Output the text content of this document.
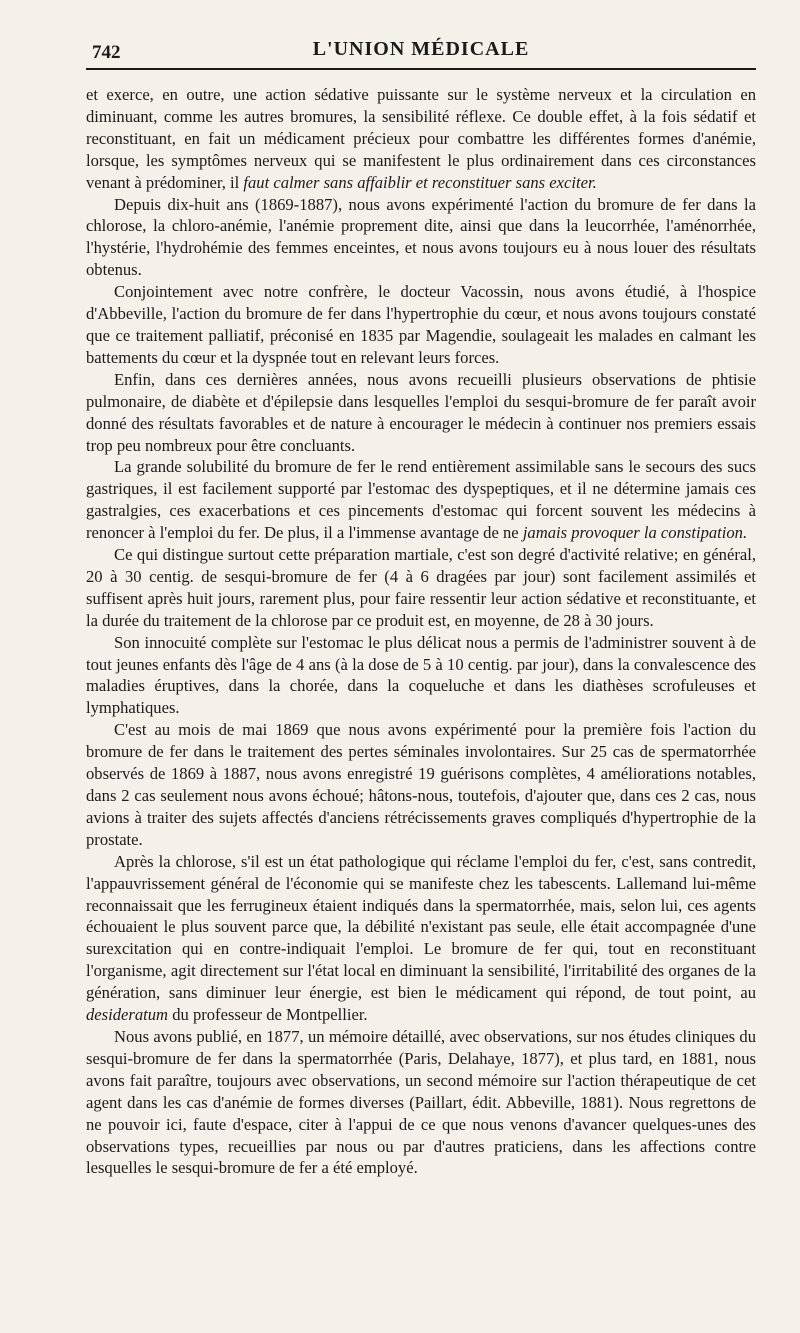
742	L'UNION MÉDICALE

et exerce, en outre, une action sédative puissante sur le système nerveux et la circulation en diminuant, comme les autres bromures, la sensibilité réflexe. Ce double effet, à la fois sédatif et reconstituant, en fait un médicament précieux pour combattre les différentes formes d'anémie, lorsque, les symptômes nerveux qui se manifestent le plus ordinairement dans ces circonstances venant à prédominer, il faut calmer sans affaiblir et reconstituer sans exciter.

Depuis dix-huit ans (1869-1887), nous avons expérimenté l'action du bromure de fer dans la chlorose, la chloro-anémie, l'anémie proprement dite, ainsi que dans la leucorrhée, l'aménorrhée, l'hystérie, l'hydrohémie des femmes enceintes, et nous avons toujours eu à nous louer des résultats obtenus.

Conjointement avec notre confrère, le docteur Vacossin, nous avons étudié, à l'hospice d'Abbeville, l'action du bromure de fer dans l'hypertrophie du cœur, et nous avons toujours constaté que ce traitement palliatif, préconisé en 1835 par Magendie, soulageait les malades en calmant les battements du cœur et la dyspnée tout en relevant leurs forces.

Enfin, dans ces dernières années, nous avons recueilli plusieurs observations de phtisie pulmonaire, de diabète et d'épilepsie dans lesquelles l'emploi du sesqui-bromure de fer paraît avoir donné des résultats favorables et de nature à encourager le médecin à continuer nos premiers essais trop peu nombreux pour être concluants.

La grande solubilité du bromure de fer le rend entièrement assimilable sans le secours des sucs gastriques, il est facilement supporté par l'estomac des dyspeptiques, et il ne détermine jamais ces gastralgies, ces exacerbations et ces pincements d'estomac qui forcent souvent les médecins à renoncer à l'emploi du fer. De plus, il a l'immense avantage de ne jamais provoquer la constipation.

Ce qui distingue surtout cette préparation martiale, c'est son degré d'activité relative; en général, 20 à 30 centig. de sesqui-bromure de fer (4 à 6 dragées par jour) sont facilement assimilés et suffisent après huit jours, rarement plus, pour faire ressentir leur action sédative et reconstituante, et la durée du traitement de la chlorose par ce produit est, en moyenne, de 28 à 30 jours.

Son innocuité complète sur l'estomac le plus délicat nous a permis de l'administrer souvent à de tout jeunes enfants dès l'âge de 4 ans (à la dose de 5 à 10 centig. par jour), dans la convalescence des maladies éruptives, dans la chorée, dans la coqueluche et dans les diathèses scrofuleuses et lymphatiques.

C'est au mois de mai 1869 que nous avons expérimenté pour la première fois l'action du bromure de fer dans le traitement des pertes séminales involontaires. Sur 25 cas de spermatorrhée observés de 1869 à 1887, nous avons enregistré 19 guérisons complètes, 4 améliorations notables, dans 2 cas seulement nous avons échoué; hâtons-nous, toutefois, d'ajouter que, dans ces 2 cas, nous avions à traiter des sujets affectés d'anciens rétrécissements graves compliqués d'hypertrophie de la prostate.

Après la chlorose, s'il est un état pathologique qui réclame l'emploi du fer, c'est, sans contredit, l'appauvrissement général de l'économie qui se manifeste chez les tabescents. Lallemand lui-même reconnaissait que les ferrugineux étaient indiqués dans la spermatorrhée, mais, selon lui, ces agents échouaient le plus souvent parce que, la débilité n'existant pas seule, elle était accompagnée d'une surexcitation qui en contre-indiquait l'emploi. Le bromure de fer qui, tout en reconstituant l'organisme, agit directement sur l'état local en diminuant la sensibilité, l'irritabilité des organes de la génération, sans diminuer leur énergie, est bien le médicament qui répond, de tout point, au desideratum du professeur de Montpellier.

Nous avons publié, en 1877, un mémoire détaillé, avec observations, sur nos études cliniques du sesqui-bromure de fer dans la spermatorrhée (Paris, Delahaye, 1877), et plus tard, en 1881, nous avons fait paraître, toujours avec observations, un second mémoire sur l'action thérapeutique de cet agent dans les cas d'anémie de formes diverses (Paillart, édit. Abbeville, 1881). Nous regrettons de ne pouvoir ici, faute d'espace, citer à l'appui de ce que nous venons d'avancer quelques-unes des observations types, recueillies par nous ou par d'autres praticiens, dans les affections contre lesquelles le sesqui-bromure de fer a été employé.
